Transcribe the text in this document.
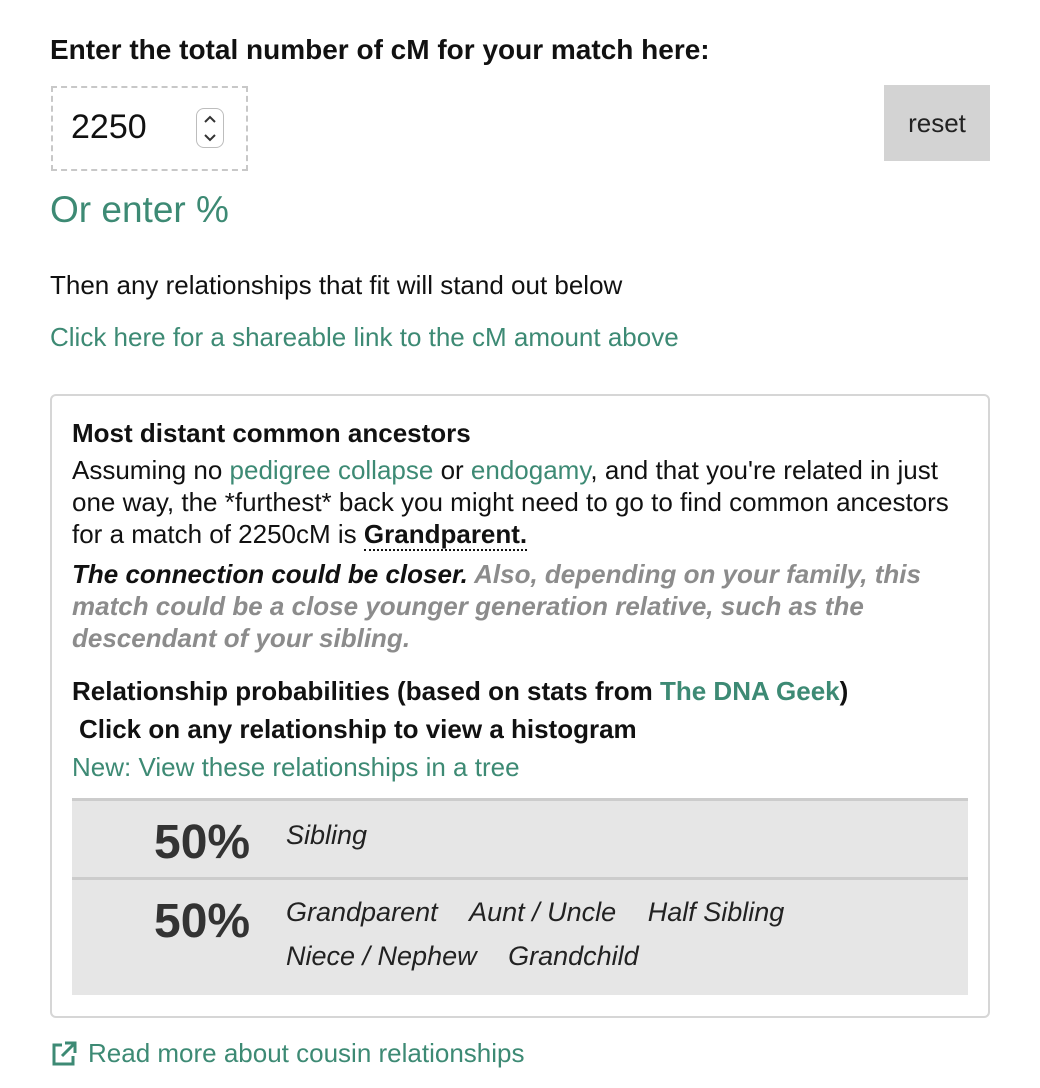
Enter the total number of cM for your match here:
2250	reset
Or enter %
Then any relationships that fit will stand out below
Click here for a shareable link to the cM amount above
Most distant common ancestors
Assuming no pedigree collapse or endogamy, and that you're related in just one way, the *furthest* back you might need to go to find common ancestors for a match of 2250cM is Grandparent.
The connection could be closer. Also, depending on your family, this match could be a close younger generation relative, such as the descendant of your sibling.
Relationship probabilities (based on stats from The DNA Geek)
Click on any relationship to view a histogram
New: View these relationships in a tree
50% Sibling
50% Grandparent Aunt / Uncle Half Sibling Niece / Nephew Grandchild
Read more about cousin relationships
